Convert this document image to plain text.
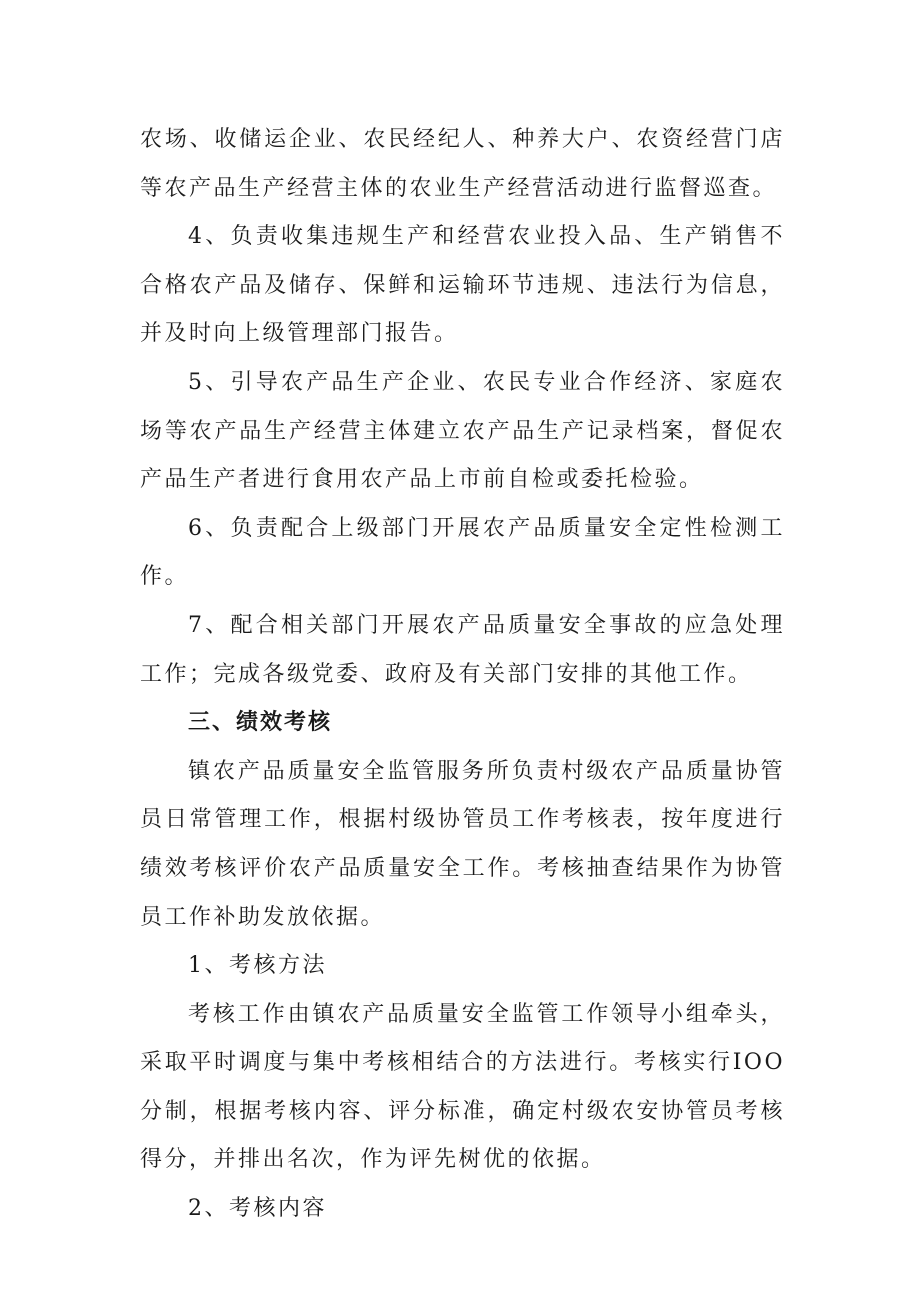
农场、收储运企业、农民经纪人、种养大户、农资经营门店等农产品生产经营主体的农业生产经营活动进行监督巡查。

4、负责收集违规生产和经营农业投入品、生产销售不合格农产品及储存、保鲜和运输环节违规、违法行为信息，并及时向上级管理部门报告。

5、引导农产品生产企业、农民专业合作经济、家庭农场等农产品生产经营主体建立农产品生产记录档案，督促农产品生产者进行食用农产品上市前自检或委托检验。

6、负责配合上级部门开展农产品质量安全定性检测工作。

7、配合相关部门开展农产品质量安全事故的应急处理工作；完成各级党委、政府及有关部门安排的其他工作。

三、绩效考核

镇农产品质量安全监管服务所负责村级农产品质量协管员日常管理工作，根据村级协管员工作考核表，按年度进行绩效考核评价农产品质量安全工作。考核抽查结果作为协管员工作补助发放依据。

1、考核方法

考核工作由镇农产品质量安全监管工作领导小组牵头，采取平时调度与集中考核相结合的方法进行。考核实行IOO分制，根据考核内容、评分标准，确定村级农安协管员考核得分，并排出名次，作为评先树优的依据。

2、考核内容
